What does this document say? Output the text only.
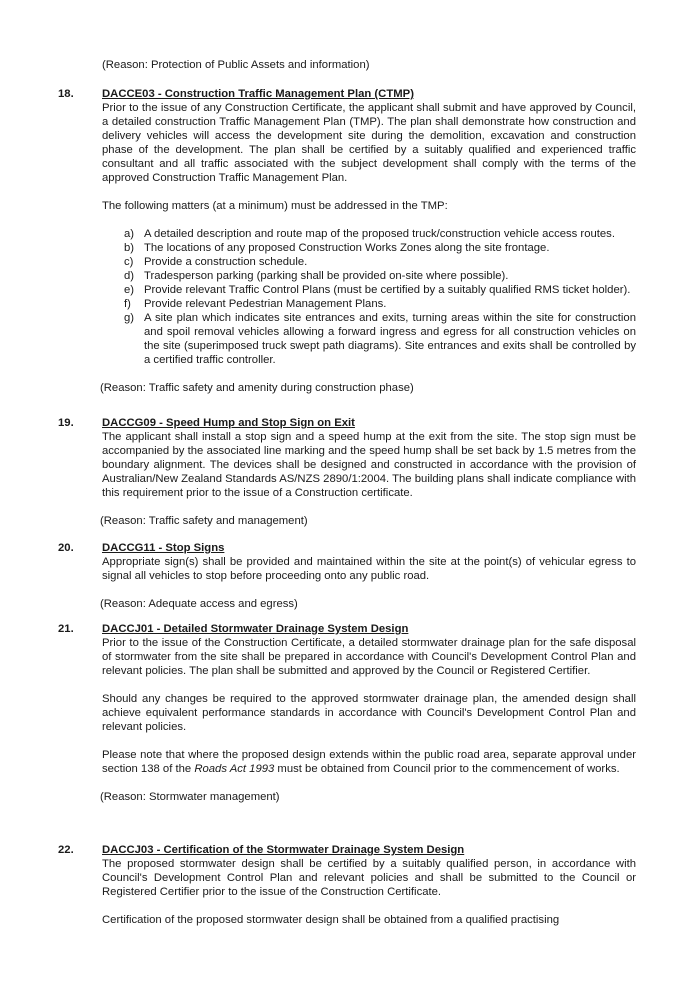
(Reason: Protection of Public Assets and information)
18.	DACCE03 - Construction Traffic Management Plan (CTMP)
Prior to the issue of any Construction Certificate, the applicant shall submit and have approved by Council, a detailed construction Traffic Management Plan (TMP). The plan shall demonstrate how construction and delivery vehicles will access the development site during the demolition, excavation and construction phase of the development. The plan shall be certified by a suitably qualified and experienced traffic consultant and all traffic associated with the subject development shall comply with the terms of the approved Construction Traffic Management Plan.
The following matters (at a minimum) must be addressed in the TMP:
a) A detailed description and route map of the proposed truck/construction vehicle access routes.
b) The locations of any proposed Construction Works Zones along the site frontage.
c) Provide a construction schedule.
d) Tradesperson parking (parking shall be provided on-site where possible).
e) Provide relevant Traffic Control Plans (must be certified by a suitably qualified RMS ticket holder).
f) Provide relevant Pedestrian Management Plans.
g) A site plan which indicates site entrances and exits, turning areas within the site for construction and spoil removal vehicles allowing a forward ingress and egress for all construction vehicles on the site (superimposed truck swept path diagrams). Site entrances and exits shall be controlled by a certified traffic controller.
(Reason: Traffic safety and amenity during construction phase)
19.	DACCG09 - Speed Hump and Stop Sign on Exit
The applicant shall install a stop sign and a speed hump at the exit from the site. The stop sign must be accompanied by the associated line marking and the speed hump shall be set back by 1.5 metres from the boundary alignment. The devices shall be designed and constructed in accordance with the provision of Australian/New Zealand Standards AS/NZS 2890/1:2004. The building plans shall indicate compliance with this requirement prior to the issue of a Construction certificate.
(Reason: Traffic safety and management)
20.	DACCG11 - Stop Signs
Appropriate sign(s) shall be provided and maintained within the site at the point(s) of vehicular egress to signal all vehicles to stop before proceeding onto any public road.
(Reason: Adequate access and egress)
21.	DACCJ01 - Detailed Stormwater Drainage System Design
Prior to the issue of the Construction Certificate, a detailed stormwater drainage plan for the safe disposal of stormwater from the site shall be prepared in accordance with Council's Development Control Plan and relevant policies. The plan shall be submitted and approved by the Council or Registered Certifier.
Should any changes be required to the approved stormwater drainage plan, the amended design shall achieve equivalent performance standards in accordance with Council's Development Control Plan and relevant policies.
Please note that where the proposed design extends within the public road area, separate approval under section 138 of the Roads Act 1993 must be obtained from Council prior to the commencement of works.
(Reason: Stormwater management)
22.	DACCJ03 - Certification of the Stormwater Drainage System Design
The proposed stormwater design shall be certified by a suitably qualified person, in accordance with Council's Development Control Plan and relevant policies and shall be submitted to the Council or Registered Certifier prior to the issue of the Construction Certificate.
Certification of the proposed stormwater design shall be obtained from a qualified practising
